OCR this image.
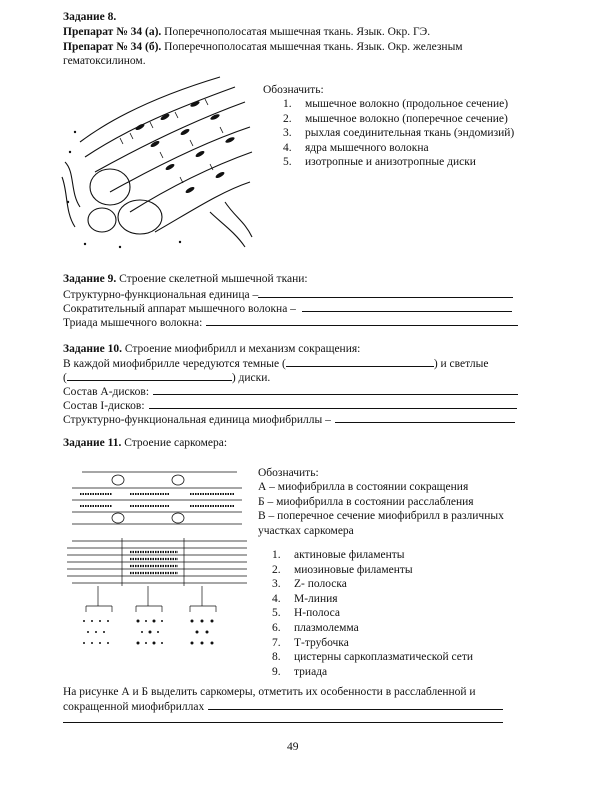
Задание 8.
Препарат № 34 (а). Поперечнополосатая мышечная ткань. Язык. Окр. ГЭ.
Препарат № 34 (б). Поперечнополосатая мышечная ткань. Язык. Окр. железным
гематоксилином.
Обозначить:
1. мышечное волокно (продольное сечение)
2. мышечное волокно (поперечное сечение)
3. рыхлая соединительная ткань (эндомизий)
4. ядра мышечного волокна
5. изотропные и анизотропные диски
Задание 9. Строение скелетной мышечной ткани:
Структурно-функциональная единица –
Сократительный аппарат мышечного волокна –
Триада мышечного волокна:
Задание 10. Строение миофибрилл и механизм сокращения:
В каждой миофибрилле чередуются темные (	) и светлые
(	) диски.
Состав А-дисков:
Состав I-дисков:
Структурно-функциональная единица миофибриллы –
Задание 11. Строение саркомера:
Обозначить:
А – миофибрилла в состоянии сокращения
Б – миофибрилла в состоянии расслабления
В – поперечное сечение миофибрилл в различных
участках саркомера
1. актиновые филаменты
2. миозиновые филаменты
3. Z- полоска
4. М-линия
5. Н-полоса
6. плазмолемма
7. Т-трубочка
8. цистерны саркоплазматической сети
9. триада
На рисунке А и Б выделить саркомеры, отметить их особенности в расслабленной и
сокращенной миофибриллах
49
